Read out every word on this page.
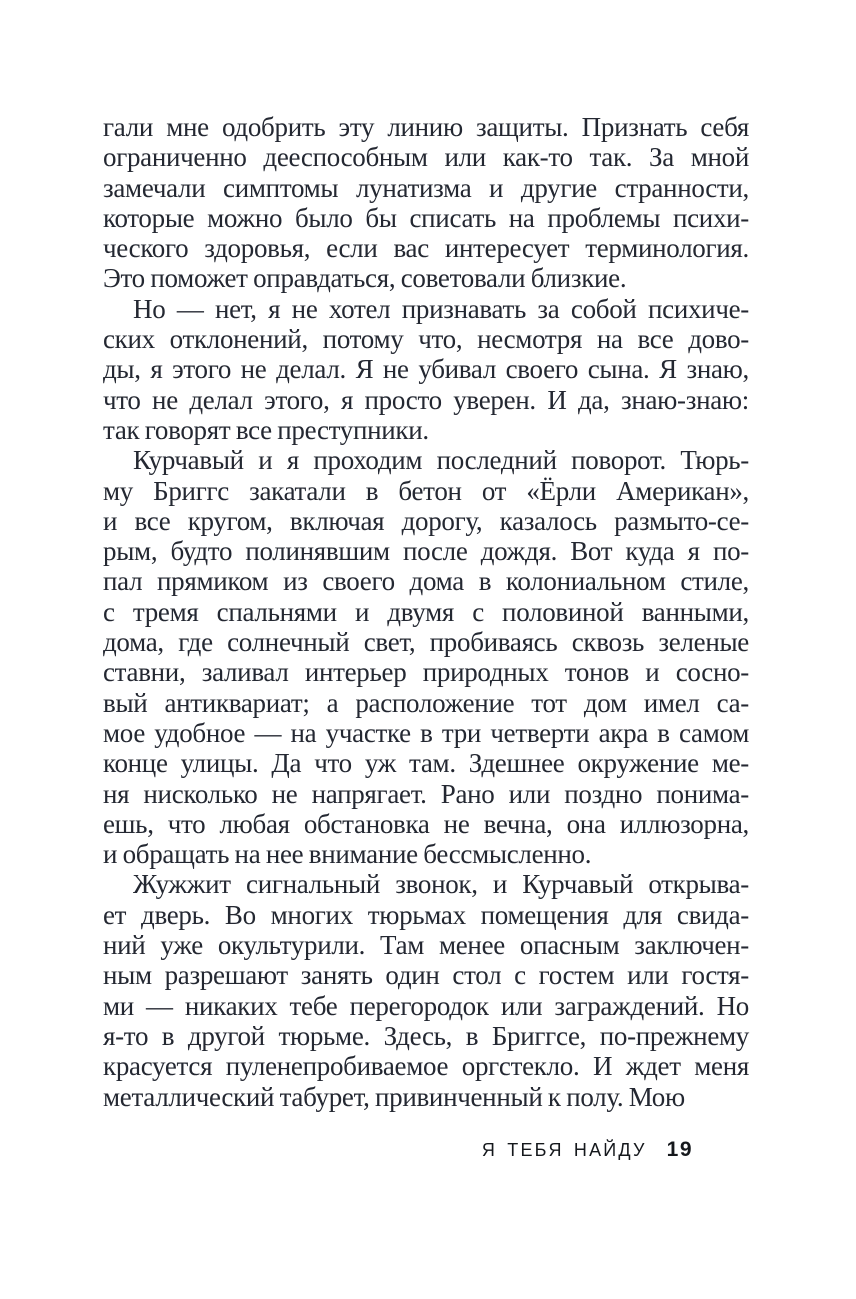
гали мне одобрить эту линию защиты. Признать себя
ограниченно дееспособным или как-то так. За мной
замечали симптомы лунатизма и другие странности,
которые можно было бы списать на проблемы психи-
ческого здоровья, если вас интересует терминология.
Это поможет оправдаться, советовали близкие.

Но — нет, я не хотел признавать за собой психиче-
ских отклонений, потому что, несмотря на все дово-
ды, я этого не делал. Я не убивал своего сына. Я знаю,
что не делал этого, я просто уверен. И да, знаю-знаю:
так говорят все преступники.

Курчавый и я проходим последний поворот. Тюрь-
му Бриггс закатали в бетон от «Ёрли Американ»,
и все кругом, включая дорогу, казалось размыто-се-
рым, будто полинявшим после дождя. Вот куда я по-
пал прямиком из своего дома в колониальном стиле,
с тремя спальнями и двумя с половиной ванными,
дома, где солнечный свет, пробиваясь сквозь зеленые
ставни, заливал интерьер природных тонов и сосно-
вый антиквариат; а расположение тот дом имел са-
мое удобное — на участке в три четверти акра в самом
конце улицы. Да что уж там. Здешнее окружение ме-
ня нисколько не напрягает. Рано или поздно понима-
ешь, что любая обстановка не вечна, она иллюзорна,
и обращать на нее внимание бессмысленно.

Жужжит сигнальный звонок, и Курчавый открыва-
ет дверь. Во многих тюрьмах помещения для свида-
ний уже окультурили. Там менее опасным заключен-
ным разрешают занять один стол с гостем или гостя-
ми — никаких тебе перегородок или заграждений. Но
я-то в другой тюрьме. Здесь, в Бриггсе, по-прежнему
красуется пуленепробиваемое оргстекло. И ждет меня
металлический табурет, привинченный к полу. Мою

Я ТЕБЯ НАЙДУ 19
